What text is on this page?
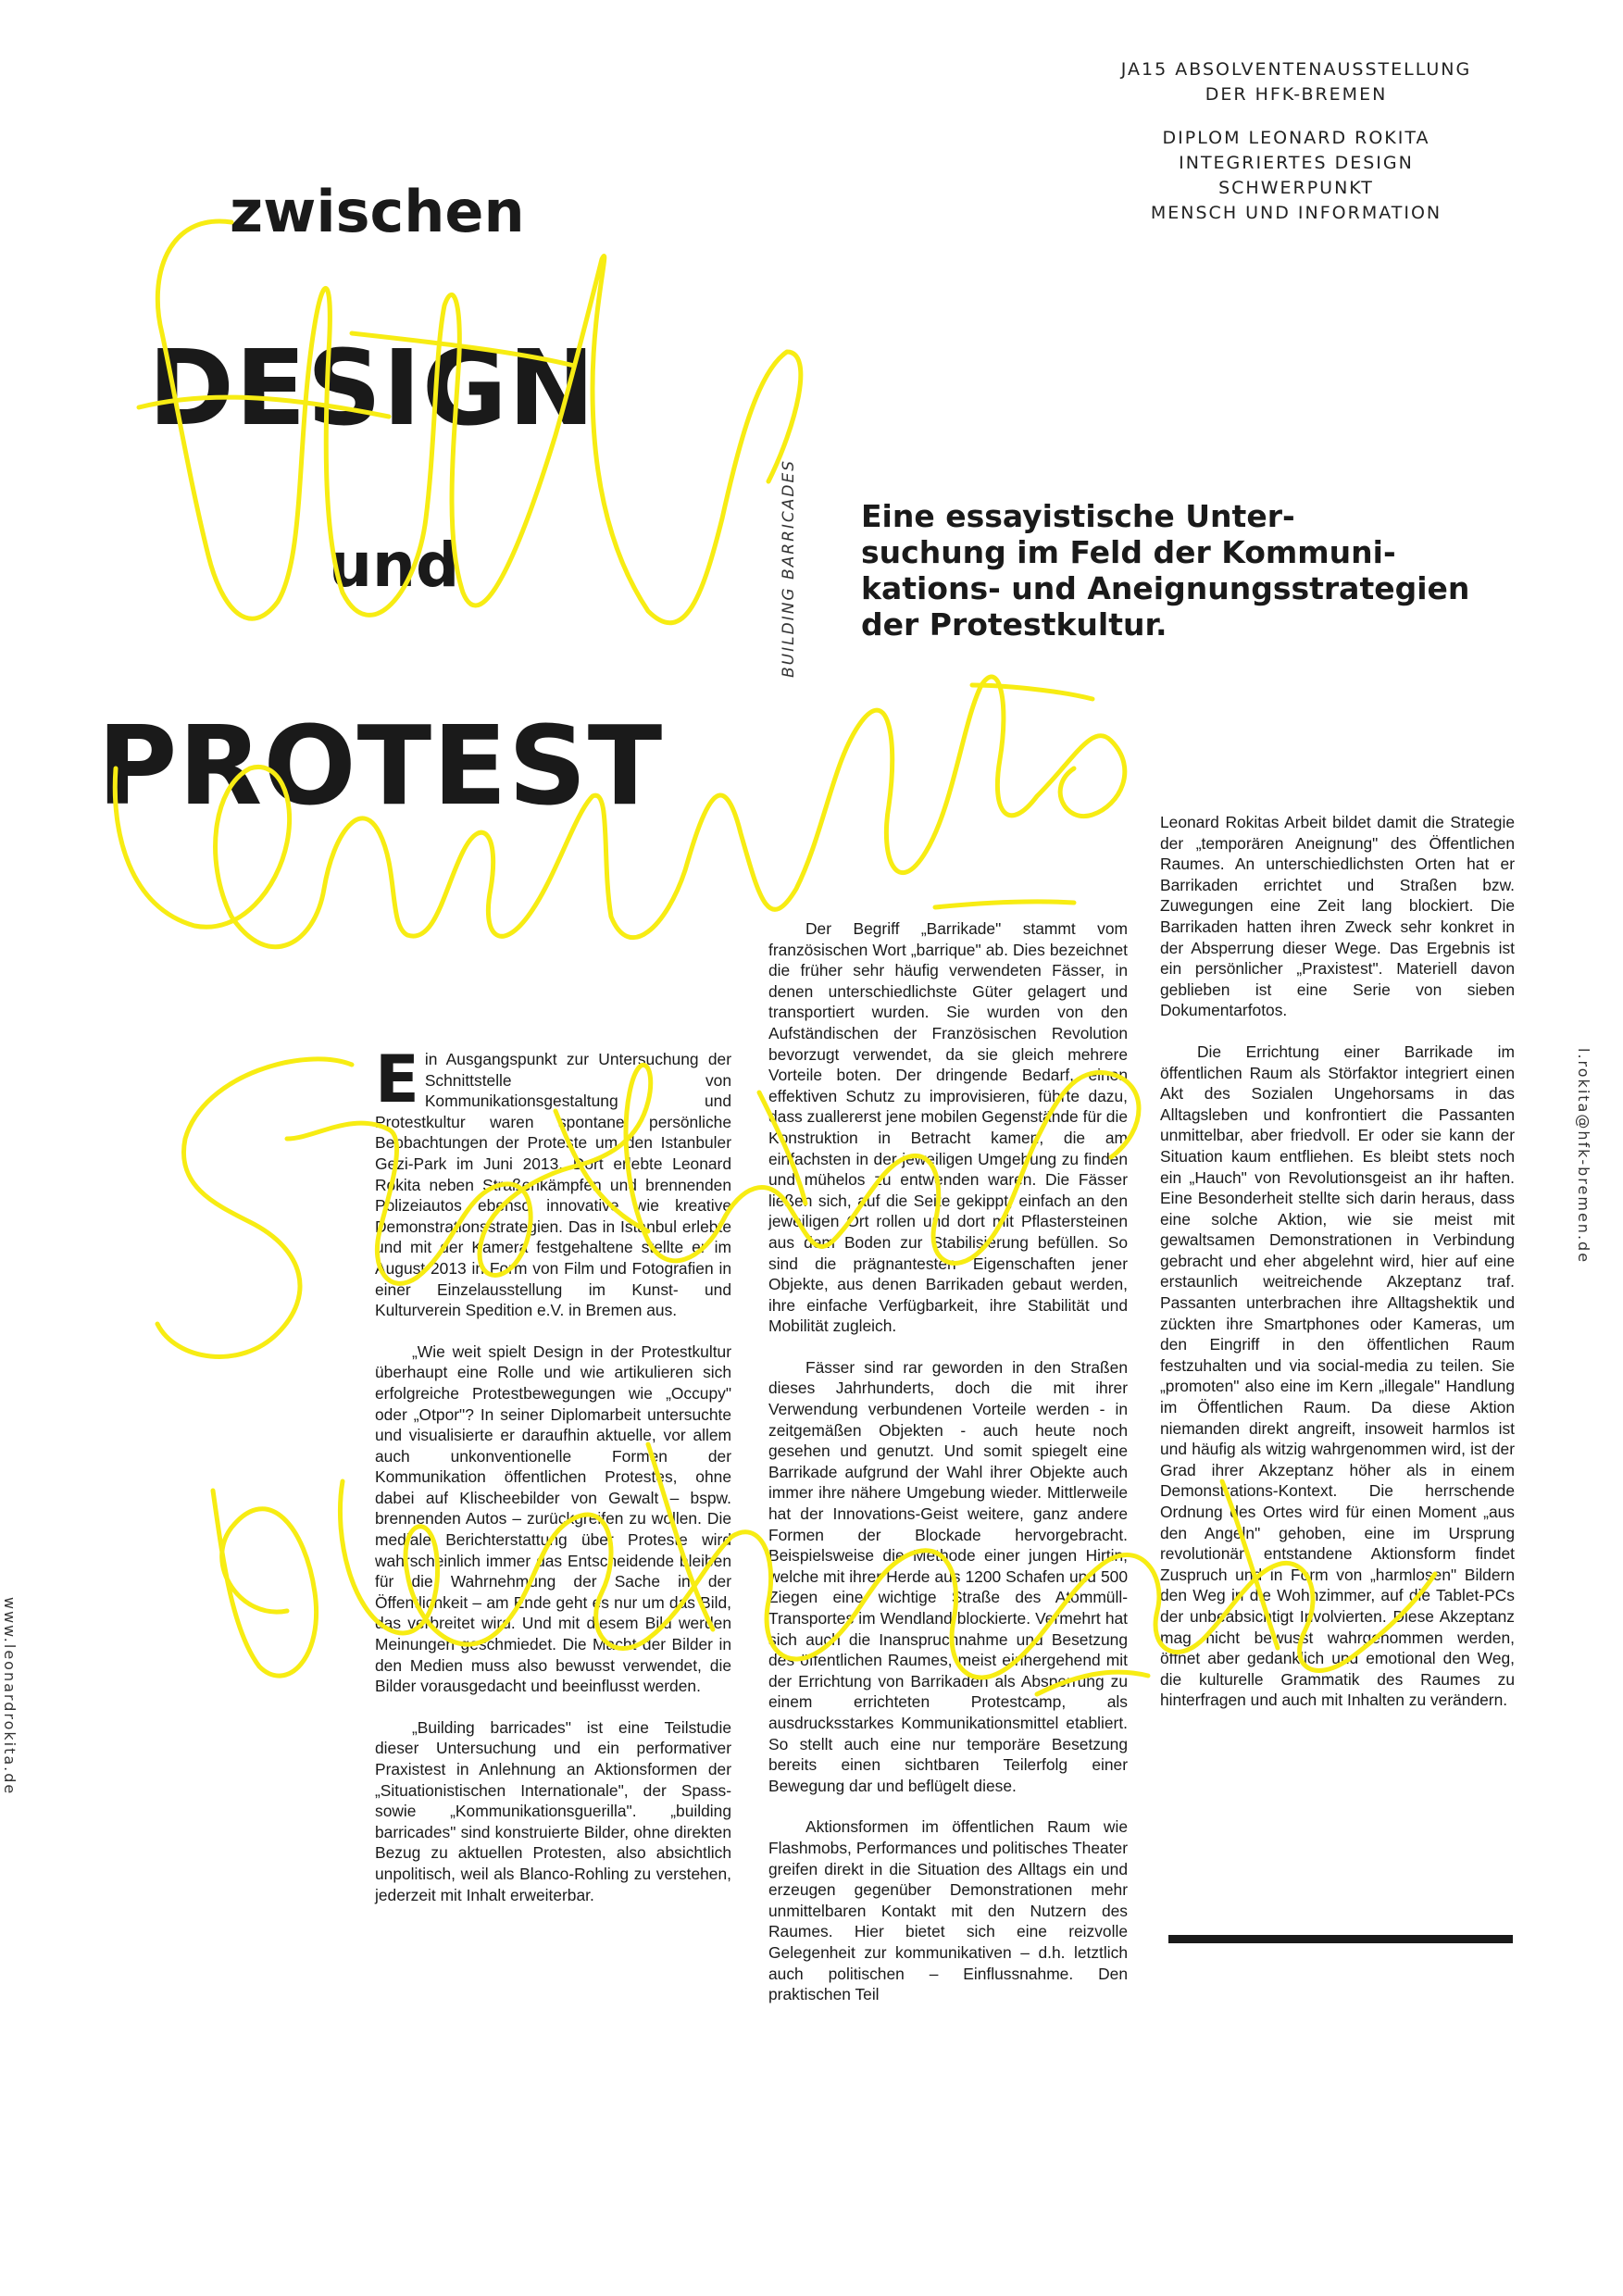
JA15 ABSOLVENTENAUSSTELLUNG
DER HFK-BREMEN
DIPLOM LEONARD ROKITA
INTEGRIERTES DESIGN
SCHWERPUNKT
MENSCH UND INFORMATION
zwischen
DESIGN
und
PROTEST
BUILDING BARRICADES Eine essayistische Unter-
suchung im Feld der Kommuni-
kations- und Aneignungsstrategien
der Protestkultur.

Ein Ausgangspunkt zur Untersuchung der Schnittstelle von Kommunikationsgestaltung und Protestkultur waren spontane persönliche Beobachtungen der Proteste um den Istanbuler Gezi-Park im Juni 2013. Dort erlebte Leonard Rokita neben Straßenkämpfen und brennenden Polizeiautos ebenso innovative wie kreative Demonstrationsstrategien. Das in Istanbul erlebte und mit der Kamera festgehaltene stellte er im August 2013 in Form von Film und Fotografien in einer Einzelausstellung im Kunst- und Kulturverein Spedition e.V. in Bremen aus.

„Wie weit spielt Design in der Protestkultur überhaupt eine Rolle und wie artikulieren sich erfolgreiche Protestbewegungen wie „Occupy" oder „Otpor"? In seiner Diplomarbeit untersuchte und visualisierte er daraufhin aktuelle, vor allem auch unkonventionelle Formen der Kommunikation öffentlichen Protestes, ohne dabei auf Klischeebilder von Gewalt – bspw. brennenden Autos – zurückgreifen zu wollen. Die mediale Berichterstattung über Proteste wird wahrscheinlich immer das Entscheidende bleiben für die Wahrnehmung der Sache in der Öffentlichkeit – am Ende geht es nur um das Bild, das verbreitet wird. Und mit diesem Bild werden Meinungen geschmiedet. Die Macht der Bilder in den Medien muss also bewusst verwendet, die Bilder vorausgedacht und beeinflusst werden.

„Building barricades" ist eine Teilstudie dieser Untersuchung und ein performativer Praxistest in Anlehnung an Aktionsformen der „Situationistischen Internationale", der Spass- sowie „Kommunikationsguerilla". „building barricades" sind konstruierte Bilder, ohne direkten Bezug zu aktuellen Protesten, also absichtlich unpolitisch, weil als Blanco-Rohling zu verstehen, jederzeit mit Inhalt erweiterbar.

Der Begriff „Barrikade" stammt vom französischen Wort „barrique" ab. Dies bezeichnet die früher sehr häufig verwendeten Fässer, in denen unterschiedlichste Güter gelagert und transportiert wurden. Sie wurden von den Aufständischen der Französischen Revolution bevorzugt verwendet, da sie gleich mehrere Vorteile boten. Der dringende Bedarf, einen effektiven Schutz zu improvisieren, führte dazu, dass zuallererst jene mobilen Gegenstände für die Konstruktion in Betracht kamen, die am einfachsten in der jeweiligen Umgebung zu finden und mühelos zu entwenden waren. Die Fässer ließen sich, auf die Seite gekippt, einfach an den jeweiligen Ort rollen und dort mit Pflastersteinen aus dem Boden zur Stabilisierung befüllen. So sind die prägnantesten Eigenschaften jener Objekte, aus denen Barrikaden gebaut werden, ihre einfache Verfügbarkeit, ihre Stabilität und Mobilität zugleich.

Fässer sind rar geworden in den Straßen dieses Jahrhunderts, doch die mit ihrer Verwendung verbundenen Vorteile werden - in zeitgemäßen Objekten - auch heute noch gesehen und genutzt. Und somit spiegelt eine Barrikade aufgrund der Wahl ihrer Objekte auch immer ihre nähere Umgebung wieder. Mittlerweile hat der Innovations-Geist weitere, ganz andere Formen der Blockade hervorgebracht. Beispielsweise die Methode einer jungen Hirtin, welche mit ihrer Herde aus 1200 Schafen und 500 Ziegen eine wichtige Straße des Atommüll-Transportes im Wendland blockierte. Vermehrt hat sich auch die Inanspruchnahme und Besetzung des öffentlichen Raumes, meist einhergehend mit der Errichtung von Barrikaden als Absperrung zu einem errichteten Protestcamp, als ausdrucksstarkes Kommunikationsmittel etabliert. So stellt auch eine nur temporäre Besetzung bereits einen sichtbaren Teilerfolg einer Bewegung dar und beflügelt diese.

Aktionsformen im öffentlichen Raum wie Flashmobs, Performances und politisches Theater greifen direkt in die Situation des Alltags ein und erzeugen gegenüber Demonstrationen mehr unmittelbaren Kontakt mit den Nutzern des Raumes. Hier bietet sich eine reizvolle Gelegenheit zur kommunikativen – d.h. letztlich auch politischen – Einflussnahme. Den praktischen Teil

Leonard Rokitas Arbeit bildet damit die Strategie der „temporären Aneignung" des Öffentlichen Raumes. An unterschiedlichsten Orten hat er Barrikaden errichtet und Straßen bzw. Zuwegungen eine Zeit lang blockiert. Die Barrikaden hatten ihren Zweck sehr konkret in der Absperrung dieser Wege. Das Ergebnis ist ein persönlicher „Praxistest". Materiell davon geblieben ist eine Serie von sieben Dokumentarfotos.

Die Errichtung einer Barrikade im öffentlichen Raum als Störfaktor integriert einen Akt des Sozialen Ungehorsams in das Alltagsleben und konfrontiert die Passanten unmittelbar, aber friedvoll. Er oder sie kann der Situation kaum entfliehen. Es bleibt stets noch ein „Hauch" von Revolutionsgeist an ihr haften. Eine Besonderheit stellte sich darin heraus, dass eine solche Aktion, wie sie meist mit gewaltsamen Demonstrationen in Verbindung gebracht und eher abgelehnt wird, hier auf eine erstaunlich weitreichende Akzeptanz traf. Passanten unterbrachen ihre Alltagshektik und zückten ihre Smartphones oder Kameras, um den Eingriff in den öffentlichen Raum festzuhalten und via social-media zu teilen. Sie „promoten" also eine im Kern „illegale" Handlung im Öffentlichen Raum. Da diese Aktion niemanden direkt angreift, insoweit harmlos ist und häufig als witzig wahrgenommen wird, ist der Grad ihrer Akzeptanz höher als in einem Demonstrations-Kontext. Die herrschende Ordnung des Ortes wird für einen Moment „aus den Angeln" gehoben, eine im Ursprung revolutionär entstandene Aktionsform findet Zuspruch und in Form von „harmlosen" Bildern den Weg in die Wohnzimmer, auf die Tablet-PCs der unbeabsichtigt Involvierten. Diese Akzeptanz mag nicht bewusst wahrgenommen werden, öffnet aber gedanklich und emotional den Weg, die kulturelle Grammatik des Raumes zu hinterfragen und auch mit Inhalten zu verändern.

www.leonardrokita.de
l.rokita@hfk-bremen.de
